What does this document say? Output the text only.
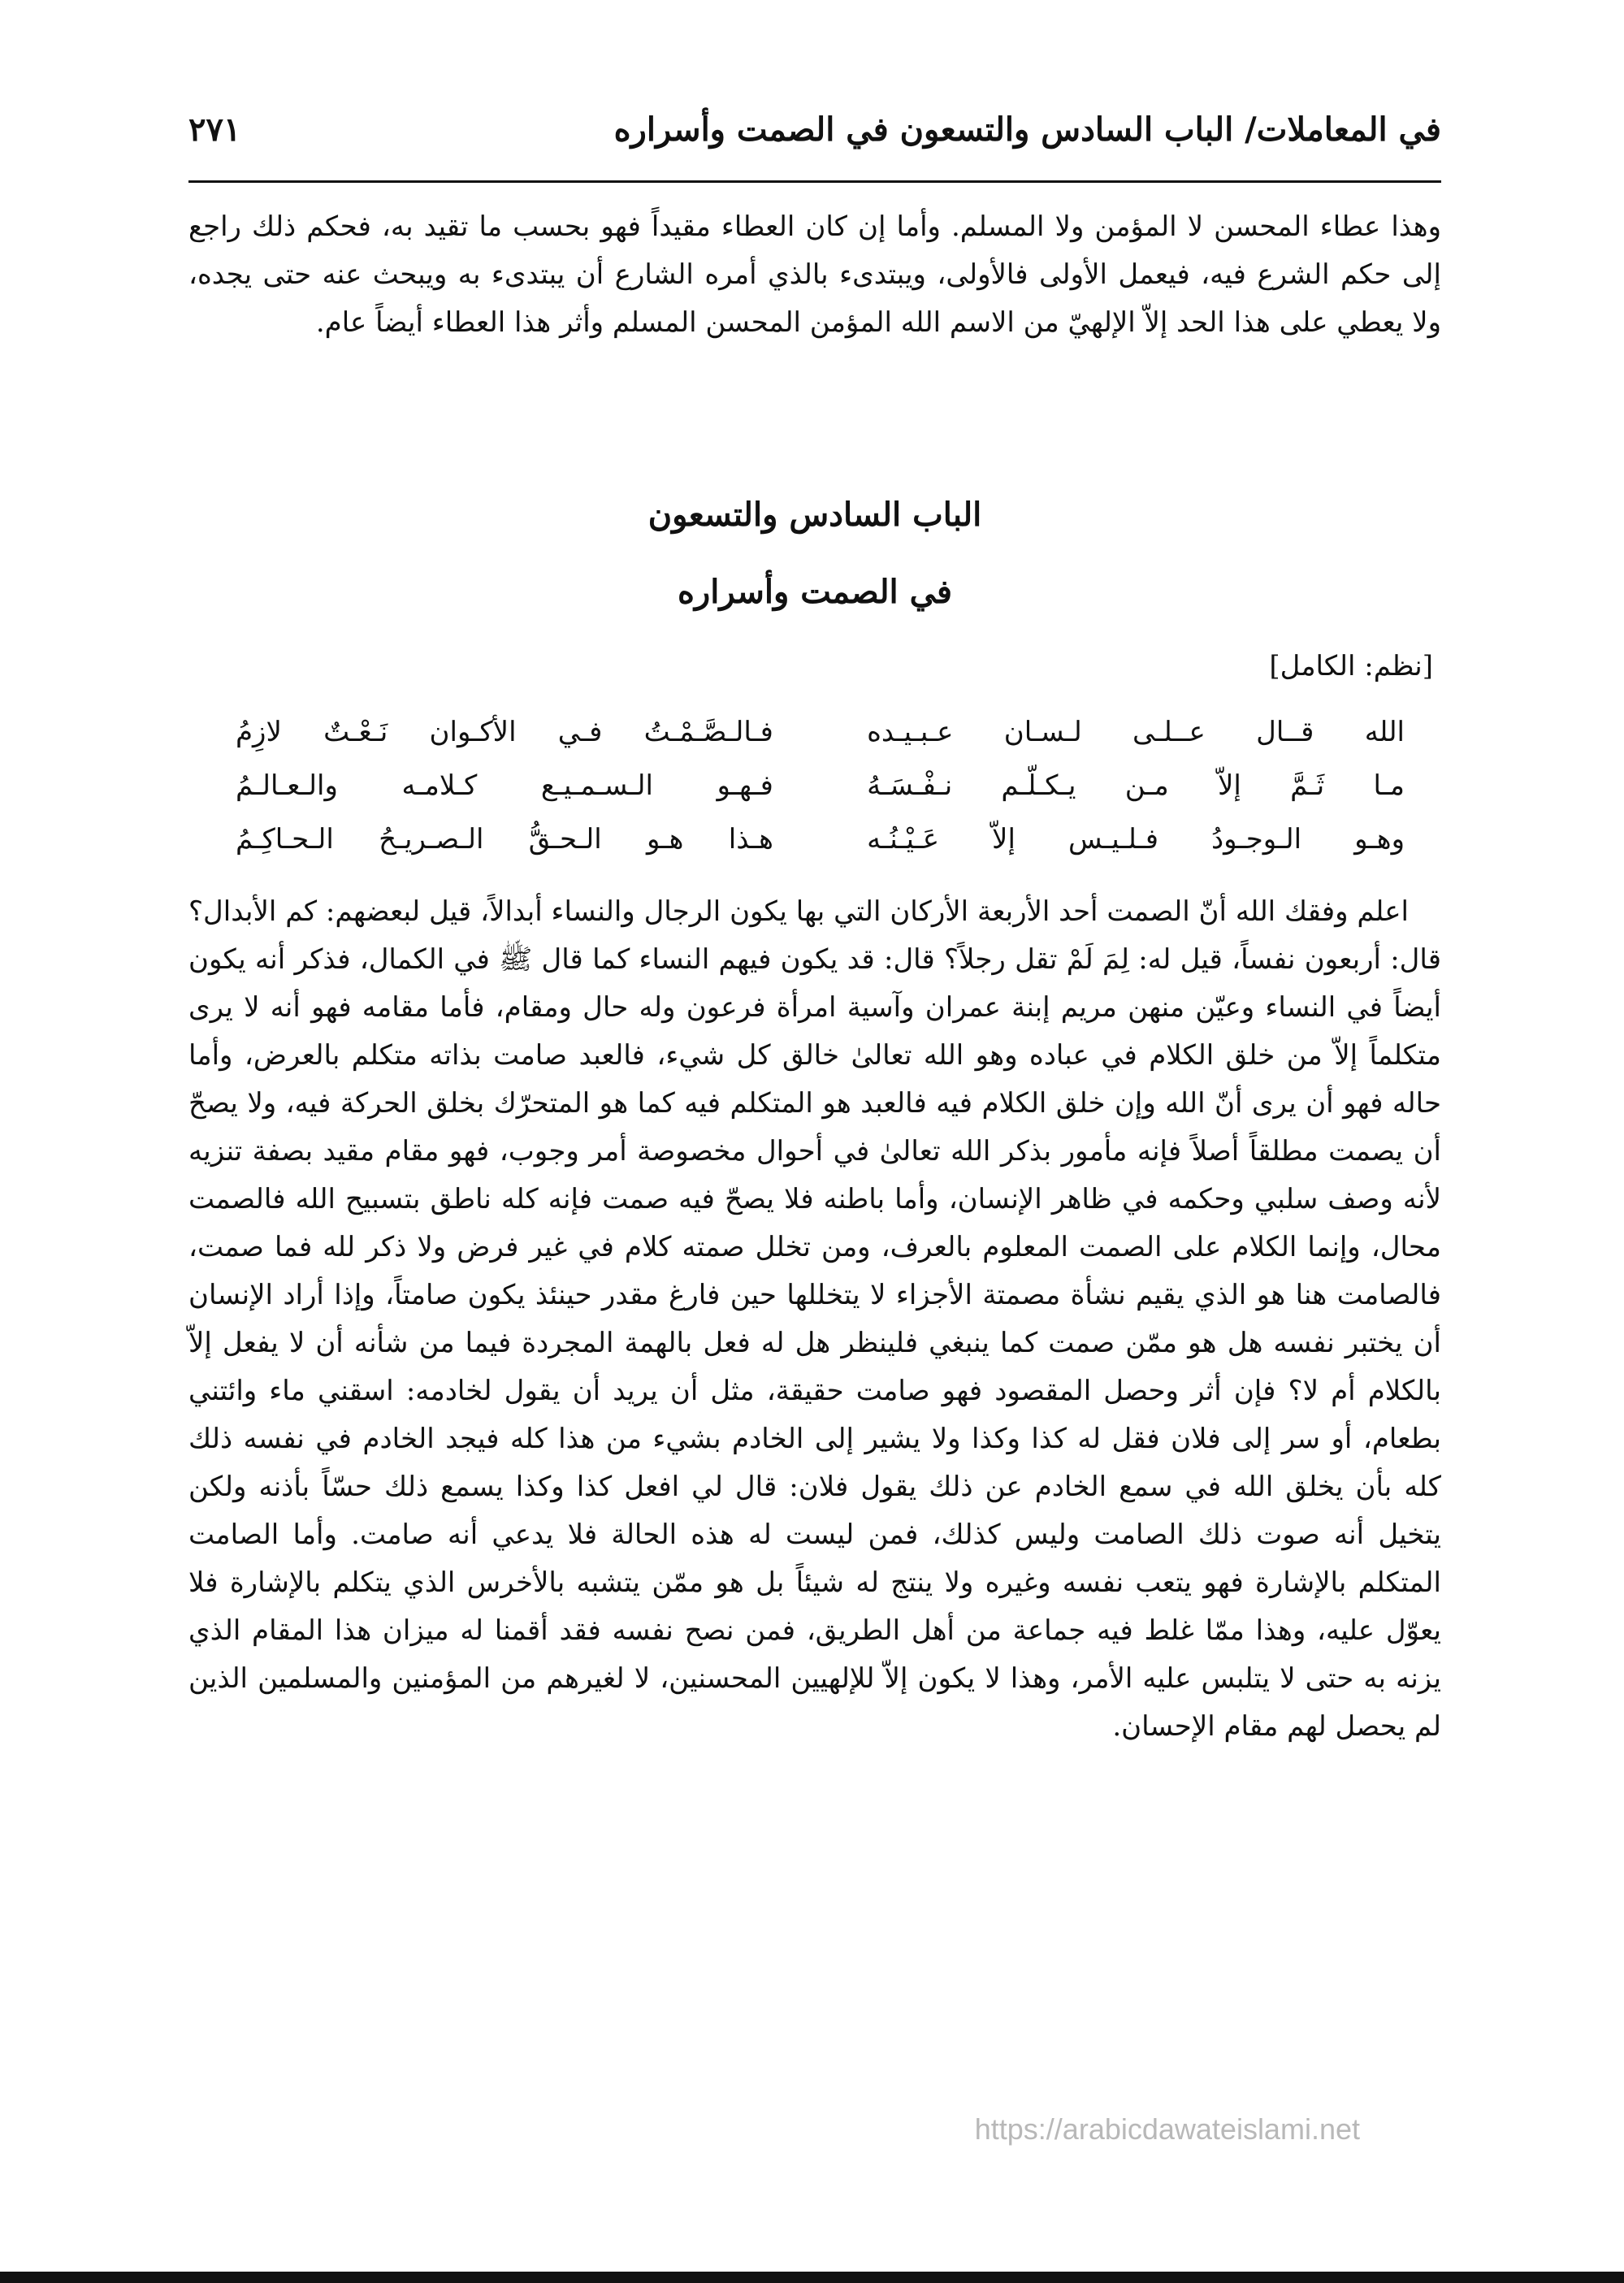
في المعاملات/ الباب السادس والتسعون في الصمت وأسراره
٢٧١

وهذا عطاء المحسن لا المؤمن ولا المسلم. وأما إن كان العطاء مقيداً فهو بحسب ما تقيد به، فحكم ذلك راجع إلى حكم الشرع فيه، فيعمل الأولى فالأولى، ويبتدىء بالذي أمره الشارع أن يبتدىء به ويبحث عنه حتى يجده، ولا يعطي على هذا الحد إلاّ الإلهيّ من الاسم الله المؤمن المحسن المسلم وأثر هذا العطاء أيضاً عام.

الباب السادس والتسعون
في الصمت وأسراره
[نظم: الكامل]
الله قــال عــلـى لـسـان عـبـيـده
فـالـصَّـمْـتُ فـي الأكـوان نَـعْـتٌ لازِمُ
مـا ثَـمَّ إلاّ مـن يـكـلّـم نـفْـسَـهُ
فـهـو الـسـمـيـع كـلامـه والـعـالـمُ
وهـو الـوجـودُ فـلـيـس إلاّ عَـيْـنُـه
هـذا هـو الـحـقُّ الـصـريـحُ الـحـاكِـمُ

اعلم وفقك الله أنّ الصمت أحد الأربعة الأركان التي بها يكون الرجال والنساء أبدالاً، قيل لبعضهم: كم الأبدال؟ قال: أربعون نفساً، قيل له: لِمَ لَمْ تقل رجلاً؟ قال: قد يكون فيهم النساء كما قال ﷺ في الكمال، فذكر أنه يكون أيضاً في النساء وعيّن منهن مريم إبنة عمران وآسية امرأة فرعون وله حال ومقام، فأما مقامه فهو أنه لا يرى متكلماً إلاّ من خلق الكلام في عباده وهو الله تعالىٰ خالق كل شيء، فالعبد صامت بذاته متكلم بالعرض، وأما حاله فهو أن يرى أنّ الله وإن خلق الكلام فيه فالعبد هو المتكلم فيه كما هو المتحرّك بخلق الحركة فيه، ولا يصحّ أن يصمت مطلقاً أصلاً فإنه مأمور بذكر الله تعالىٰ في أحوال مخصوصة أمر وجوب، فهو مقام مقيد بصفة تنزيه لأنه وصف سلبي وحكمه في ظاهر الإنسان، وأما باطنه فلا يصحّ فيه صمت فإنه كله ناطق بتسبيح الله فالصمت محال، وإنما الكلام على الصمت المعلوم بالعرف، ومن تخلل صمته كلام في غير فرض ولا ذكر لله فما صمت، فالصامت هنا هو الذي يقيم نشأة مصمتة الأجزاء لا يتخللها حين فارغ مقدر حينئذ يكون صامتاً، وإذا أراد الإنسان أن يختبر نفسه هل هو ممّن صمت كما ينبغي فلينظر هل له فعل بالهمة المجردة فيما من شأنه أن لا يفعل إلاّ بالكلام أم لا؟ فإن أثر وحصل المقصود فهو صامت حقيقة، مثل أن يريد أن يقول لخادمه: اسقني ماء وائتني بطعام، أو سر إلى فلان فقل له كذا وكذا ولا يشير إلى الخادم بشيء من هذا كله فيجد الخادم في نفسه ذلك كله بأن يخلق الله في سمع الخادم عن ذلك يقول فلان: قال لي افعل كذا وكذا يسمع ذلك حسّاً بأذنه ولكن يتخيل أنه صوت ذلك الصامت وليس كذلك، فمن ليست له هذه الحالة فلا يدعي أنه صامت. وأما الصامت المتكلم بالإشارة فهو يتعب نفسه وغيره ولا ينتج له شيئاً بل هو ممّن يتشبه بالأخرس الذي يتكلم بالإشارة فلا يعوّل عليه، وهذا ممّا غلط فيه جماعة من أهل الطريق، فمن نصح نفسه فقد أقمنا له ميزان هذا المقام الذي يزنه به حتى لا يتلبس عليه الأمر، وهذا لا يكون إلاّ للإلهيين المحسنين، لا لغيرهم من المؤمنين والمسلمين الذين لم يحصل لهم مقام الإحسان.

https://arabicdawateislami.net
